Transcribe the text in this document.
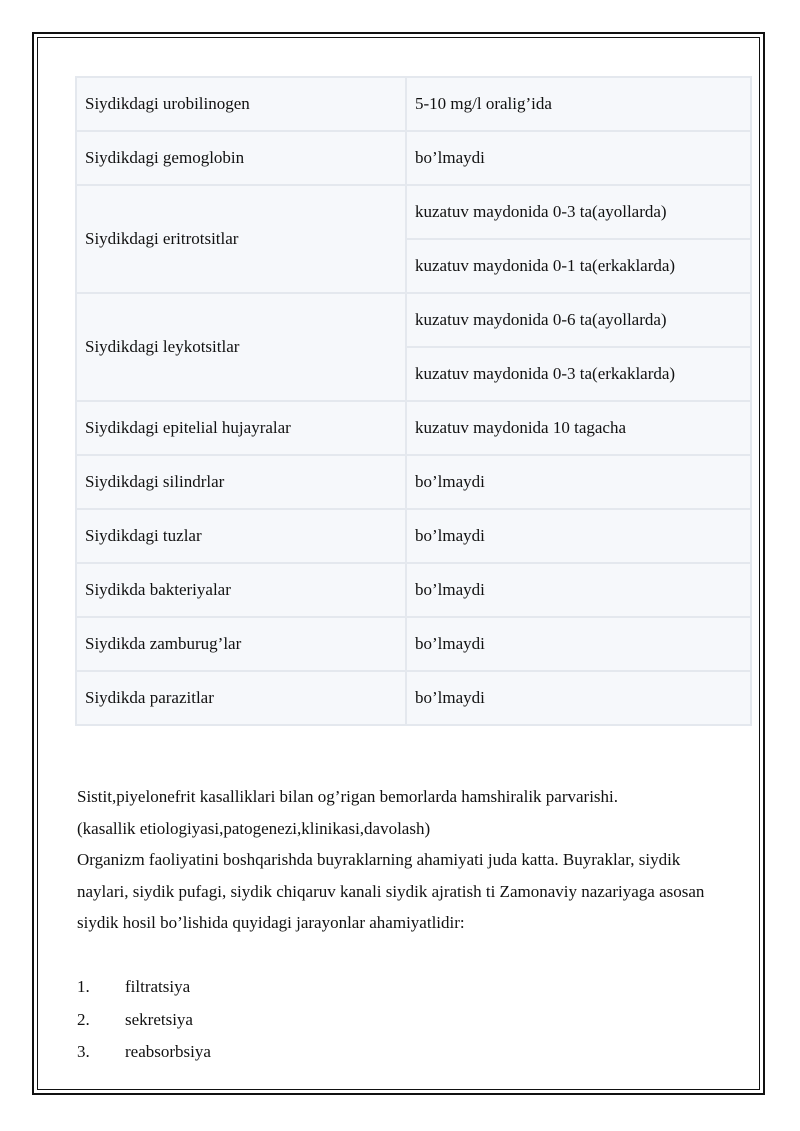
Siydikdagi urobilinogen	5-10 mg/l oralig’ida
Siydikdagi gemoglobin	bo’lmaydi
Siydikdagi eritrotsitlar	kuzatuv maydonida 0-3 ta(ayollarda)
	kuzatuv maydonida 0-1 ta(erkaklarda)
Siydikdagi leykotsitlar	kuzatuv maydonida 0-6 ta(ayollarda)
	kuzatuv maydonida 0-3 ta(erkaklarda)
Siydikdagi epitelial hujayralar	kuzatuv maydonida 10 tagacha
Siydikdagi silindrlar	bo’lmaydi
Siydikdagi tuzlar	bo’lmaydi
Siydikda bakteriyalar	bo’lmaydi
Siydikda zamburug’lar	bo’lmaydi
Siydikda parazitlar	bo’lmaydi

Sistit,piyelonefrit kasalliklari bilan og’rigan bemorlarda hamshiralik parvarishi.

(kasallik etiologiyasi,patogenezi,klinikasi,davolash)

Organizm faoliyatini boshqarishda buyraklarning ahamiyati juda katta. Buyraklar, siydik naylari, siydik pufagi, siydik chiqaruv kanali siydik ajratish ti Zamonaviy nazariyaga asosan siydik hosil bo’lishida quyidagi jarayonlar ahamiyatlidir:

1.	filtratsiya
2.	sekretsiya
3.	reabsorbsiya
